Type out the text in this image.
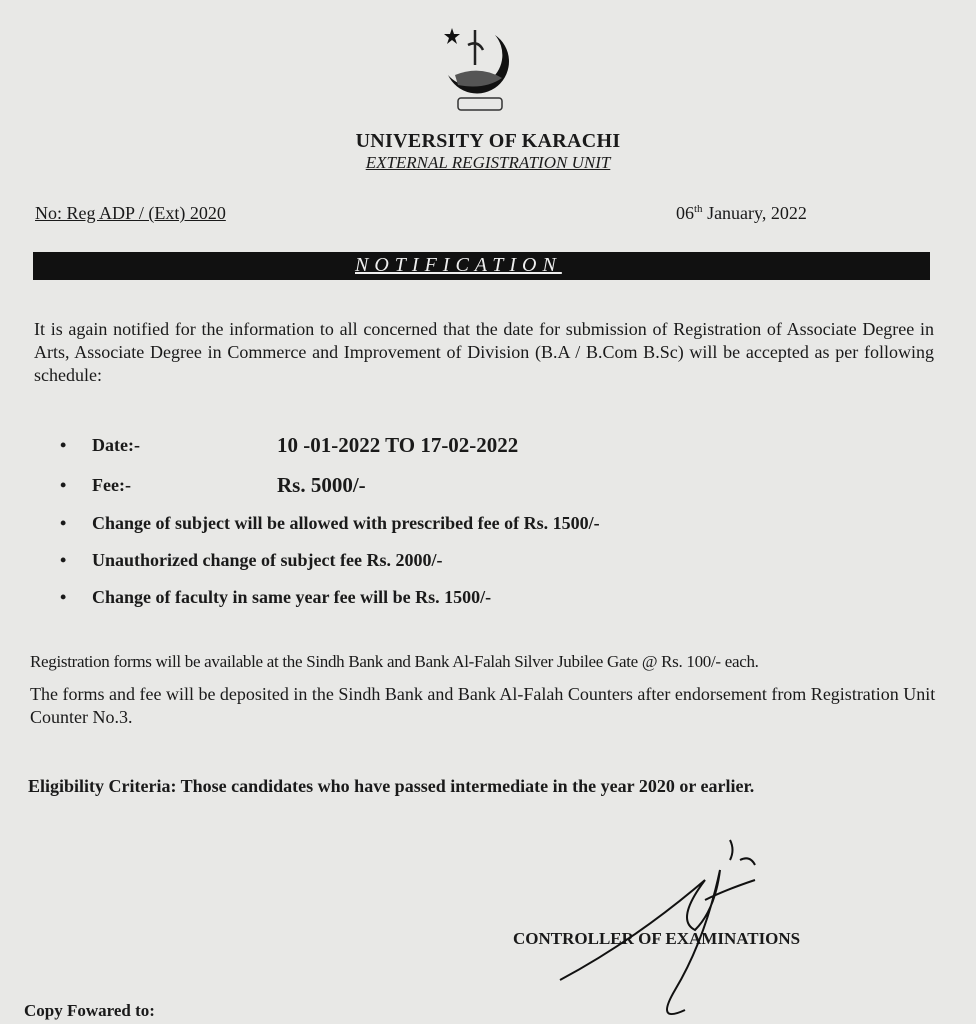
UNIVERSITY OF KARACHI
EXTERNAL REGISTRATION UNIT
No: Reg ADP / (Ext) 2020	06th January, 2022
NOTIFICATION
It is again notified for the information to all concerned that the date for submission of Registration of Associate Degree in Arts, Associate Degree in Commerce and Improvement of Division (B.A / B.Com B.Sc) will be accepted as per following schedule:
• Date:-	10 -01-2022 TO 17-02-2022
• Fee:-	Rs. 5000/-
• Change of subject will be allowed with prescribed fee of Rs. 1500/-
• Unauthorized change of subject fee Rs. 2000/-
• Change of faculty in same year fee will be Rs. 1500/-
Registration forms will be available at the Sindh Bank and Bank Al-Falah Silver Jubilee Gate @ Rs. 100/- each.
The forms and fee will be deposited in the Sindh Bank and Bank Al-Falah Counters after endorsement from Registration Unit Counter No.3.
Eligibility Criteria: Those candidates who have passed intermediate in the year 2020 or earlier.
CONTROLLER OF EXAMINATIONS
Copy Fowared to:
